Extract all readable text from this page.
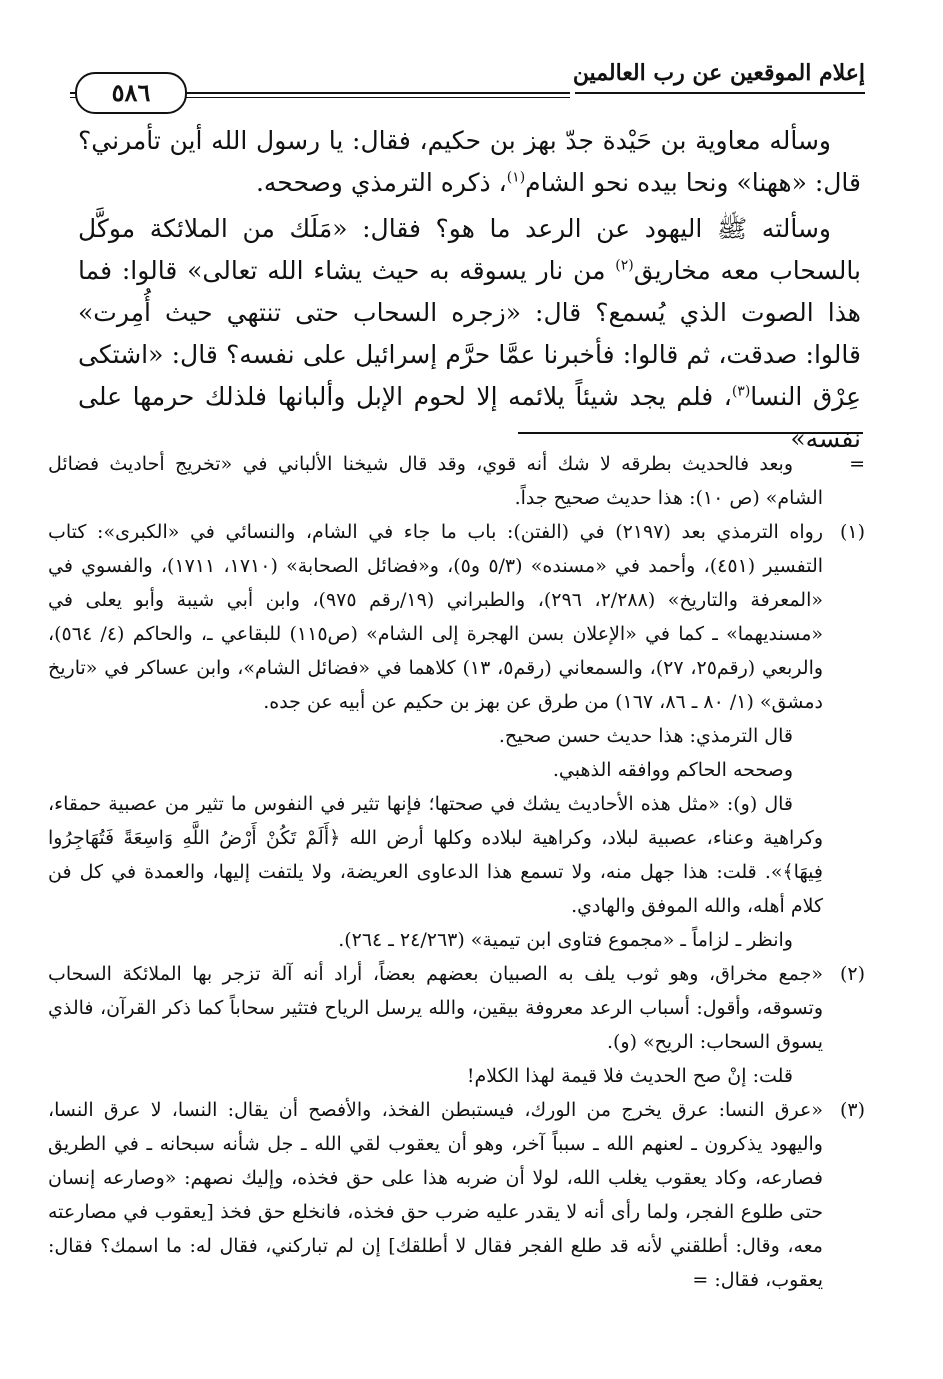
إعلام الموقعين عن رب العالمين
٥٨٦

وسأله معاوية بن حَيْدة جدّ بهز بن حكيم، فقال: يا رسول الله أين تأمرني؟ قال: «ههنا» ونحا بيده نحو الشام$^{(١)}$، ذكره الترمذي وصححه.

وسألته ﷺ اليهود عن الرعد ما هو؟ فقال: «مَلَك من الملائكة موكَّل بالسحاب معه مخاريق$^{(٢)}$ من نار يسوقه به حيث يشاء الله تعالى» قالوا: فما هذا الصوت الذي يُسمع؟ قال: «زجره السحاب حتى تنتهي حيث أُمِرت» قالوا: صدقت، ثم قالوا: فأخبرنا عمَّا حرَّم إسرائيل على نفسه؟ قال: «اشتكى عِرْق النسا$^{(٣)}$، فلم يجد شيئاً يلائمه إلا لحوم الإبل وألبانها فلذلك حرمها على نفسه»

=

وبعد فالحديث بطرقه لا شك أنه قوي، وقد قال شيخنا الألباني في «تخريج أحاديث فضائل الشام» (ص ١٠): هذا حديث صحيح جداً.

(١)

رواه الترمذي بعد (٢١٩٧) في (الفتن): باب ما جاء في الشام، والنسائي في «الكبرى»: كتاب التفسير (٤٥١)، وأحمد في «مسنده» (٥/٣ و٥)، و«فضائل الصحابة» (١٧١٠، ١٧١١)، والفسوي في «المعرفة والتاريخ» (٢/٢٨٨، ٢٩٦)، والطبراني (١٩/رقم ٩٧٥)، وابن أبي شيبة وأبو يعلى في «مسنديهما» ـ كما في «الإعلان بسن الهجرة إلى الشام» (ص١١٥) للبقاعي ـ، والحاكم (٤/ ٥٦٤)، والربعي (رقم٢٥، ٢٧)، والسمعاني (رقم٥، ١٣) كلاهما في «فضائل الشام»، وابن عساكر في «تاريخ دمشق» (١/ ٨٠ ـ ٨٦، ١٦٧) من طرق عن بهز بن حكيم عن أبيه عن جده.

قال الترمذي: هذا حديث حسن صحيح.

وصححه الحاكم ووافقه الذهبي.

قال (و): «مثل هذه الأحاديث يشك في صحتها؛ فإنها تثير في النفوس ما تثير من عصبية حمقاء، وكراهية وعناء، عصبية لبلاد، وكراهية لبلاده وكلها أرض الله ﴿أَلَمْ تَكُنْ أَرْضُ اللَّهِ وَاسِعَةً فَتُهَاجِرُوا فِيهَا﴾». قلت: هذا جهل منه، ولا تسمع هذا الدعاوى العريضة، ولا يلتفت إليها، والعمدة في كل فن كلام أهله، والله الموفق والهادي.

وانظر ـ لزاماً ـ «مجموع فتاوى ابن تيمية» (٢٤/٢٦٣ ـ ٢٦٤).

(٢)

«جمع مخراق، وهو ثوب يلف به الصبيان بعضهم بعضاً، أراد أنه آلة تزجر بها الملائكة السحاب وتسوقه، وأقول: أسباب الرعد معروفة بيقين، والله يرسل الرياح فتثير سحاباً كما ذكر القرآن، فالذي يسوق السحاب: الريح» (و).

قلت: إنْ صح الحديث فلا قيمة لهذا الكلام!

(٣)

«عرق النسا: عرق يخرج من الورك، فيستبطن الفخذ، والأفصح أن يقال: النسا، لا عرق النسا، واليهود يذكرون ـ لعنهم الله ـ سبباً آخر، وهو أن يعقوب لقي الله ـ جل شأنه سبحانه ـ في الطريق فصارعه، وكاد يعقوب يغلب الله، لولا أن ضربه هذا على حق فخذه، وإليك نصهم: «وصارعه إنسان حتى طلوع الفجر، ولما رأى أنه لا يقدر عليه ضرب حق فخذه، فانخلع حق فخذ [يعقوب في مصارعته معه، وقال: أطلقني لأنه قد طلع الفجر فقال لا أطلقك] إن لم تباركني، فقال له: ما اسمك؟ فقال: يعقوب، فقال: =
